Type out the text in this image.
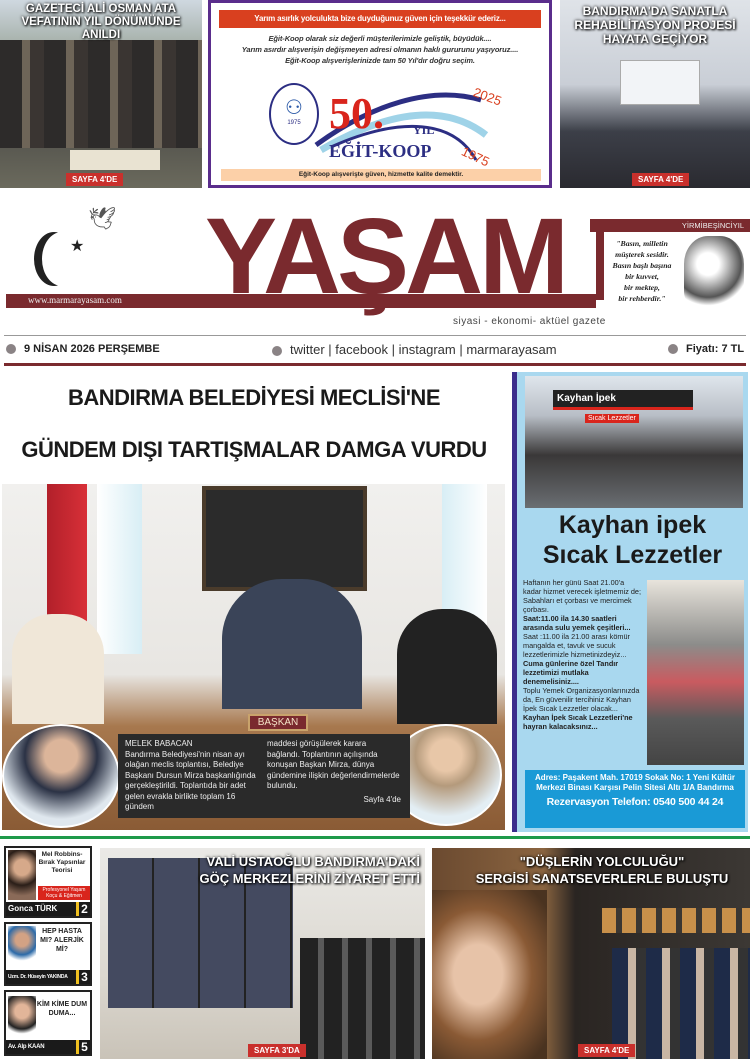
GAZETECİ ALİ OSMAN ATA VEFATININ YIL DÖNÜMÜNDE ANILDI
SAYFA 4'DE
Yarım asırlık yolculukta bize duyduğunuz güven için teşekkür ederiz...
Eğit-Koop olarak siz değerli müşterilerimizle geliştik, büyüdük....
Yarım asırdır alışverişin değişmeyen adresi olmanın haklı gururunu yaşıyoruz....
Eğit-Koop alışverişlerinizde tam 50 Yıl'dır doğru seçim.
⚇
1975 50. YIL
EĞİT-KOOP
2025
1975
Eğit-Koop alışverişte güven, hizmette kalite demektir.
BANDIRMA'DA SANATLA REHABİLİTASYON PROJESİ HAYATA GEÇİYOR
SAYFA 4'DE
★
🕊
www.marmarayasam.com YAŞAM	YİRMİBEŞİNCİYIL
"Basın, milletin
müşterek sesidir.
Basın başlı başına
bir kuvvet,
bir mektep,
bir rehberdir."
siyasi - ekonomi- aktüel gazete
9 NİSAN 2026 PERŞEMBE	twitter | facebook | instagram | marmarayasam	Fiyatı: 7 TL
BANDIRMA BELEDİYESİ MECLİSİ'NE
GÜNDEM DIŞI TARTIŞMALAR DAMGA VURDU
BAŞKAN
MELEK BABACAN
Bandırma Belediyesi'nin nisan ayı olağan meclis toplantısı, Belediye Başkanı Dursun Mirza başkanlığında gerçekleştirildi. Toplantıda bir adet gelen evrakla birlikte toplam 16 gündem
maddesi görüşülerek karara bağlandı. Toplantının açılışında konuşan Başkan Mirza, dünya gündemine ilişkin değerlendirmelerde bulundu.
Sayfa 4'de
Kayhan İpek
Sıcak Lezzetler
Kayhan ipek
Sıcak Lezzetler
Haftanın her günü Saat 21.00'a kadar hizmet verecek işletmemiz de; Sabahları et çorbası ve mercimek çorbası.
Saat:11.00 ila 14.30 saatleri arasında sulu yemek çeşitleri...
Saat :11.00 ila 21.00 arası kömür mangalda et, tavuk ve sucuk lezzetlerimizle hizmetinizdeyiz...
Cuma günlerine özel Tandır lezzetimizi mutlaka denemelisiniz....
Toplu Yemek Organizasyonlarınızda da, En güvenilir tercihiniz Kayhan İpek Sıcak Lezzetler olacak...
Kayhan İpek Sıcak Lezzetleri'ne hayran kalacaksınız...
Adres: Paşakent Mah. 17019 Sokak No: 1 Yeni Kültür Merkezi Binası Karşısı Pelin Sitesi Altı 1/A Bandırma
Rezervasyon Telefon: 0540 500 44 24
Mel Robbins-Bırak Yapsınlar Teorisi
Profesyonel Yaşam Koçu & Eğitmen
Gonca TÜRK	2
HEP HASTA MI? ALERJİK Mİ?
Uzm. Dr. Hüseyin YAKINDA	3
KİM KİME DUM DUMA...
Av. Alp KAAN	5
VALİ USTAOĞLU BANDIRMA'DAKİ
GÖÇ MERKEZLERİNİ ZİYARET ETTİ
SAYFA 3'DA
"DÜŞLERİN YOLCULUĞU"
SERGİSİ SANATSEVERLERLE BULUŞTU
SAYFA 4'DE
